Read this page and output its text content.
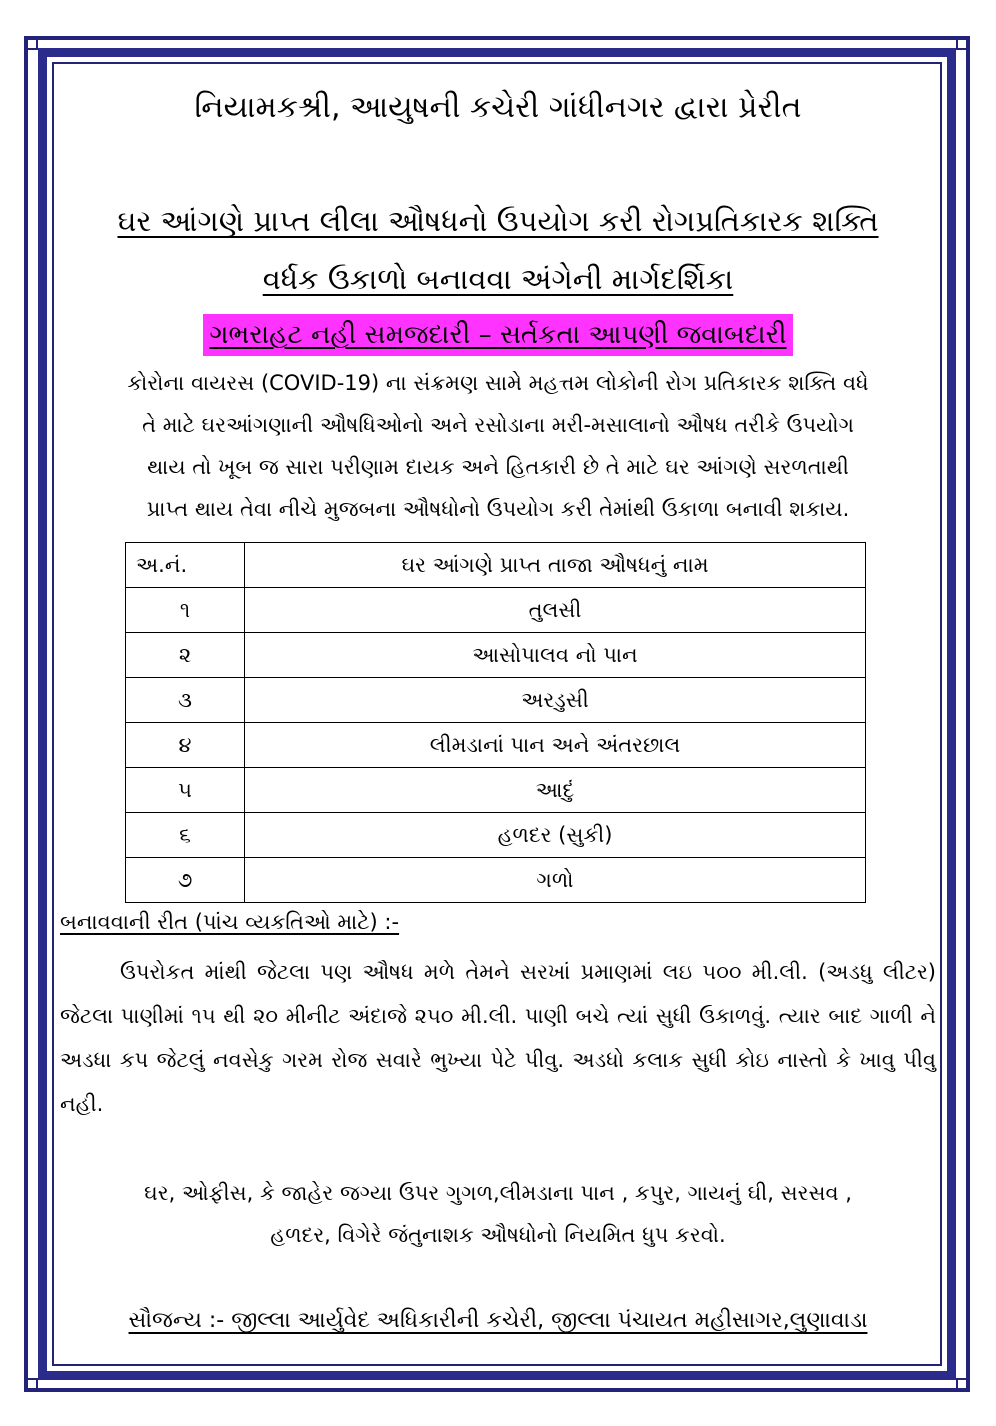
નિયામકશ્રી, આયુષની કચેરી ગાંધીનગર દ્વારા પ્રેરીત
ઘર આંગણે પ્રાપ્ત લીલા ઔષધનો ઉપયોગ કરી રોગપ્રતિકારક શક્તિ
વર્ધક ઉકાળો બનાવવા અંગેની માર્ગદર્શિકા
ગભરાહટ નહી સમજદારી – સર્તકતા આપણી જવાબદારી
કોરોના વાયરસ (COVID-19) ના સંક્રમણ સામે મહત્તમ લોકોની રોગ પ્રતિકારક શક્તિ વધે
તે માટે ઘરઆંગણાની ઔષધિઓનો અને રસોડાના મરી-મસાલાનો ઔષધ તરીકે ઉપયોગ
થાય તો ખૂબ જ સારા પરીણામ દાયક અને હિતકારી છે તે માટે ઘર આંગણે સરળતાથી
પ્રાપ્ત થાય તેવા નીચે મુજબના ઔષધોનો ઉપયોગ કરી તેમાંથી ઉકાળા બનાવી શકાય.
અ.નં.	ઘર આંગણે પ્રાપ્ત તાજા ઔષધનું નામ
૧	તુલસી
૨	આસોપાલવ નો પાન
૩	અરડુસી
૪	લીમડાનાં પાન અને અંતરછાલ
૫	આદું
૬	હળદર (સુકી)
૭	ગળો
બનાવવાની રીત (પાંચ વ્યકતિઓ માટે) :-
ઉપરોકત માંથી જેટલા પણ ઔષધ મળે તેમને સરખાં પ્રમાણમાં લઇ ૫૦૦ મી.લી. (અડધુ લીટર) જેટલા પાણીમાં ૧૫ થી ૨૦ મીનીટ અંદાજે ૨૫૦ મી.લી. પાણી બચે ત્યાં સુધી ઉકાળવું. ત્યાર બાદ ગાળી ને અડધા કપ જેટલું નવસેકુ ગરમ રોજ સવારે ભુખ્યા પેટે પીવુ. અડધો કલાક સુધી કોઇ નાસ્તો કે ખાવુ પીવુ નહી.
ઘર, ઓફીસ, કે જાહેર જગ્યા ઉપર ગુગળ,લીમડાના પાન , કપુર, ગાયનું ઘી, સરસવ ,
હળદર, વિગેરે જંતુનાશક ઔષધોનો નિયમિત ધુપ કરવો.
સૌજન્ય :- જીલ્લા આર્યુવેદ અધિકારીની કચેરી, જીલ્લા પંચાયત મહીસાગર,લુણાવાડા
